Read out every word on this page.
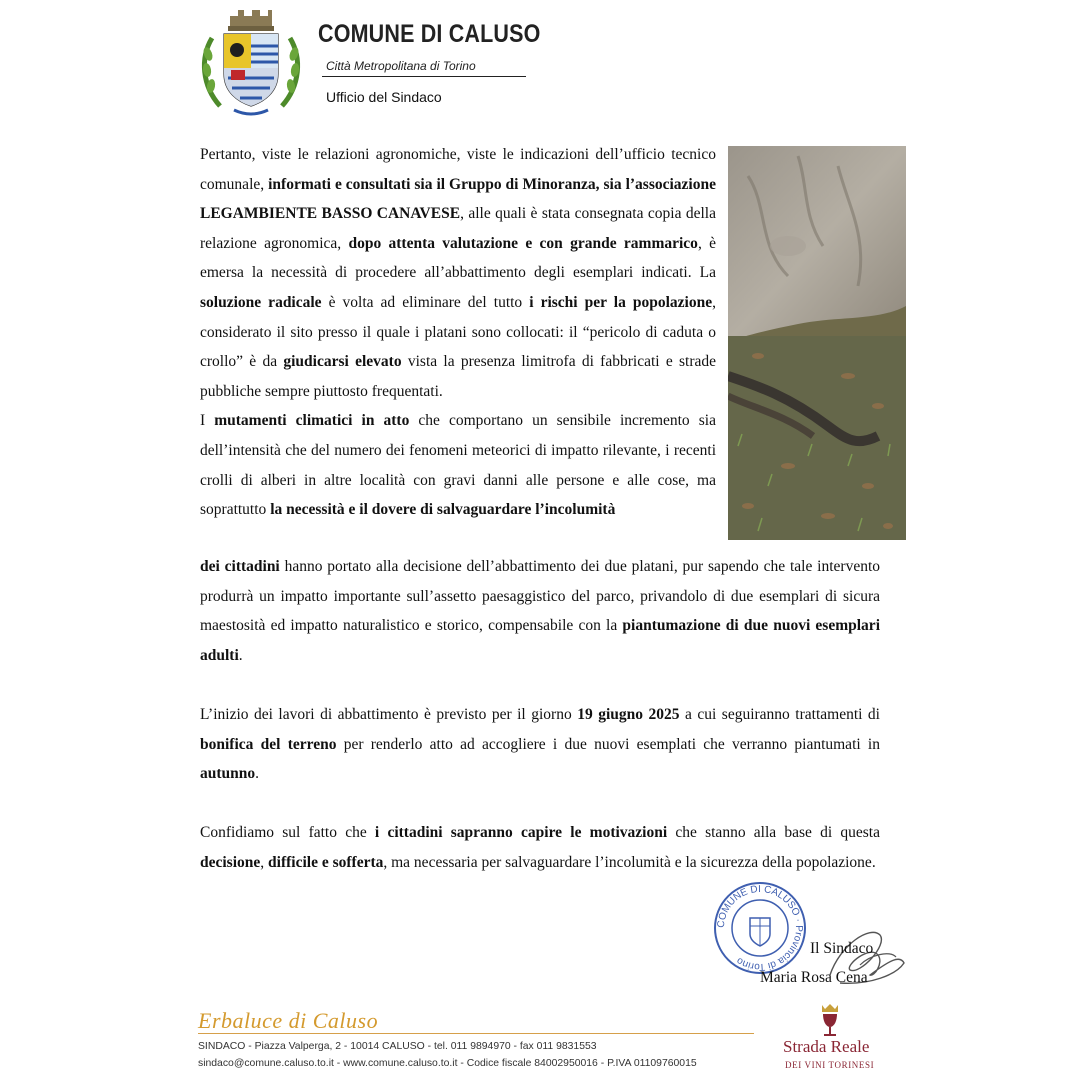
COMUNE DI CALUSO
Città Metropolitana di Torino
Ufficio del Sindaco

Pertanto, viste le relazioni agronomiche, viste le indicazioni dell’ufficio tecnico comunale, informati e consultati sia il Gruppo di Minoranza, sia l’associazione LEGAMBIENTE BASSO CANAVESE, alle quali è stata consegnata copia della relazione agronomica, dopo attenta valutazione e con grande rammarico, è emersa la necessità di procedere all’abbattimento degli esemplari indicati. La soluzione radicale è volta ad eliminare del tutto i rischi per la popolazione, considerato il sito presso il quale i platani sono collocati: il “pericolo di caduta o crollo” è da giudicarsi elevato vista la presenza limitrofa di fabbricati e strade pubbliche sempre piuttosto frequentati.

I mutamenti climatici in atto che comportano un sensibile incremento sia dell’intensità che del numero dei fenomeni meteorici di impatto rilevante, i recenti crolli di alberi in altre località con gravi danni alle persone e alle cose, ma soprattutto la necessità e il dovere di salvaguardare l’incolumità

dei cittadini hanno portato alla decisione dell’abbattimento dei due platani, pur sapendo che tale intervento produrrà un impatto importante sull’assetto paesaggistico del parco, privandolo di due esemplari di sicura maestosità ed impatto naturalistico e storico, compensabile con la piantumazione di due nuovi esemplari adulti.

L’inizio dei lavori di abbattimento è previsto per il giorno 19 giugno 2025 a cui seguiranno trattamenti di bonifica del terreno per renderlo atto ad accogliere i due nuovi esemplati che verranno piantumati in autunno.

Confidiamo sul fatto che i cittadini sapranno capire le motivazioni che stanno alla base di questa decisione, difficile e sofferta, ma necessaria per salvaguardare l’incolumità e la sicurezza della popolazione.

COMUNE DI CALUSO · Provincia di Torino
Il Sindaco
Maria Rosa Cena
Erbaluce di Caluso
SINDACO - Piazza Valperga, 2 - 10014 CALUSO - tel. 011 9894970 - fax 011 9831553
sindaco@comune.caluso.to.it - www.comune.caluso.to.it - Codice fiscale 84002950016 - P.IVA 01109760015
Strada Reale
DEI VINI TORINESI
